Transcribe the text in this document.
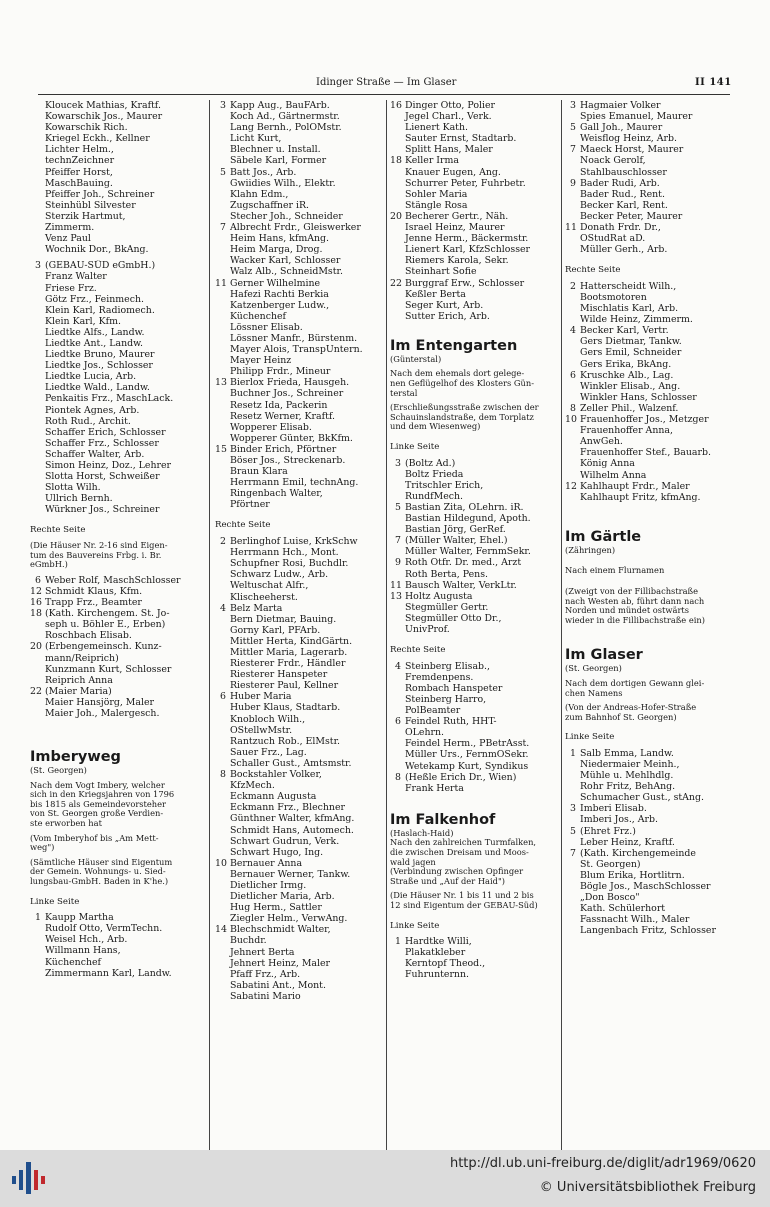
Idinger Straße — Im Glaser	II 141
Kloucek Mathias, Kraftf.
Kowarschik Jos., Maurer
Kowarschik Rich.
Kriegel Eckh., Kellner
Lichter Helm.,
technZeichner
Pfeiffer Horst,
MaschBauing.
Pfeiffer Joh., Schreiner
Steinhübl Silvester
Sterzik Hartmut,
Zimmerm.
Venz Paul
Wochnik Dor., BkAng.
3 (GEBAU-SÜD eGmbH.)
Franz Walter
Friese Frz.
Götz Frz., Feinmech.
Klein Karl, Radiomech.
Klein Karl, Kfm.
Liedtke Alfs., Landw.
Liedtke Ant., Landw.
Liedtke Bruno, Maurer
Liedtke Jos., Schlosser
Liedtke Lucia, Arb.
Liedtke Wald., Landw.
Penkaitis Frz., MaschLack.
Piontek Agnes, Arb.
Roth Rud., Archit.
Schaffer Erich, Schlosser
Schaffer Frz., Schlosser
Schaffer Walter, Arb.
Simon Heinz, Doz., Lehrer
Slotta Horst, Schweißer
Slotta Wilh.
Ullrich Bernh.
Würkner Jos., Schreiner
Rechte Seite
(Die Häuser Nr. 2-16 sind Eigen-
tum des Bauvereins Frbg. i. Br.
eGmbH.)
6 Weber Rolf, MaschSchlosser
12 Schmidt Klaus, Kfm.
16 Trapp Frz., Beamter
18 (Kath. Kirchengem. St. Jo-
seph u. Böhler E., Erben)
Roschbach Elisab.
20 (Erbengemeinsch. Kunz-
mann/Reiprich)
Kunzmann Kurt, Schlosser
Reiprich Anna
22 (Maier Maria)
Maier Hansjörg, Maler
Maier Joh., Malergesch.
Imberyweg
(St. Georgen)
Nach dem Vogt Imbery, welcher
sich in den Kriegsjahren von 1796
bis 1815 als Gemeindevorsteher
von St. Georgen große Verdien-
ste erworben hat
(Vom Imberyhof bis „Am Mett-
weg")
(Sämtliche Häuser sind Eigentum
der Gemein. Wohnungs- u. Sied-
lungsbau-GmbH. Baden in K'he.)
Linke Seite
1 Kaupp Martha
Rudolf Otto, VermTechn.
Weisel Hch., Arb.
Willmann Hans,
Küchenchef
Zimmermann Karl, Landw.
3 Kapp Aug., BauFArb.
Koch Ad., Gärtnermstr.
Lang Bernh., PolOMstr.
Licht Kurt,
Blechner u. Install.
Säbele Karl, Former
5 Batt Jos., Arb.
Gwiidies Wilh., Elektr.
Klahn Edm.,
Zugschaffner iR.
Stecher Joh., Schneider
7 Albrecht Frdr., Gleiswerker
Heim Hans, kfmAng.
Heim Marga, Drog.
Wacker Karl, Schlosser
Walz Alb., SchneidMstr.
11 Gerner Wilhelmine
Hafezi Rachti Berkia
Katzenberger Ludw.,
Küchenchef
Lössner Elisab.
Lössner Manfr., Bürstenm.
Mayer Alois, TranspUntern.
Mayer Heinz
Philipp Frdr., Mineur
13 Bierlox Frieda, Hausgeh.
Buchner Jos., Schreiner
Resetz Ida, Packerin
Resetz Werner, Kraftf.
Wopperer Elisab.
Wopperer Günter, BkKfm.
15 Binder Erich, Pförtner
Böser Jos., Streckenarb.
Braun Klara
Herrmann Emil, technAng.
Ringenbach Walter,
Pförtner
Rechte Seite
2 Berlinghof Luise, KrkSchw
Herrmann Hch., Mont.
Schupfner Rosi, Buchdlr.
Schwarz Ludw., Arb.
Weltuschat Alfr.,
Klischeeherst.
4 Belz Marta
Bern Dietmar, Bauing.
Gorny Karl, PFArb.
Mittler Herta, KindGärtn.
Mittler Maria, Lagerarb.
Riesterer Frdr., Händler
Riesterer Hanspeter
Riesterer Paul, Kellner
6 Huber Maria
Huber Klaus, Stadtarb.
Knobloch Wilh.,
OStellwMstr.
Rantzuch Rob., ElMstr.
Sauer Frz., Lag.
Schaller Gust., Amtsmstr.
8 Bockstahler Volker,
KfzMech.
Eckmann Augusta
Eckmann Frz., Blechner
Günthner Walter, kfmAng.
Schmidt Hans, Automech.
Schwart Gudrun, Verk.
Schwart Hugo, Ing.
10 Bernauer Anna
Bernauer Werner, Tankw.
Dietlicher Irmg.
Dietlicher Maria, Arb.
Hug Herm., Sattler
Ziegler Helm., VerwAng.
14 Blechschmidt Walter,
Buchdr.
Jehnert Berta
Jehnert Heinz, Maler
Pfaff Frz., Arb.
Sabatini Ant., Mont.
Sabatini Mario
16 Dinger Otto, Polier
Jegel Charl., Verk.
Lienert Kath.
Sauter Ernst, Stadtarb.
Splitt Hans, Maler
18 Keller Irma
Knauer Eugen, Ang.
Schurrer Peter, Fuhrbetr.
Sohler Maria
Stängle Rosa
20 Becherer Gertr., Näh.
Israel Heinz, Maurer
Jenne Herm., Bäckermstr.
Lienert Karl, KfzSchlosser
Riemers Karola, Sekr.
Steinhart Sofie
22 Burggraf Erw., Schlosser
Keßler Berta
Seger Kurt, Arb.
Sutter Erich, Arb.
Im Entengarten
(Günterstal)
Nach dem ehemals dort gelege-
nen Geflügelhof des Klosters Gün-
terstal
(Erschließungsstraße zwischen der
Schauinslandstraße, dem Torplatz
und dem Wiesenweg)
Linke Seite
3 (Boltz Ad.)
Boltz Frieda
Tritschler Erich,
RundfMech.
5 Bastian Zita, OLehrn. iR.
Bastian Hildegund, Apoth.
Bastian Jörg, GerRef.
7 (Müller Walter, Ehel.)
Müller Walter, FernmSekr.
9 Roth Otfr. Dr. med., Arzt
Roth Berta, Pens.
11 Bausch Walter, VerkLtr.
13 Holtz Augusta
Stegmüller Gertr.
Stegmüller Otto Dr.,
UnivProf.
Rechte Seite
4 Steinberg Elisab.,
Fremdenpens.
Rombach Hanspeter
Steinberg Harro,
PolBeamter
6 Feindel Ruth, HHT-
OLehrn.
Feindel Herm., PBetrAsst.
Müller Urs., FernmOSekr.
Wetekamp Kurt, Syndikus
8 (Heßle Erich Dr., Wien)
Frank Herta
Im Falkenhof
(Haslach-Haid)
Nach den zahlreichen Turmfalken,
die zwischen Dreisam und Moos-
wald jagen
(Verbindung zwischen Opfinger
Straße und „Auf der Haid")
(Die Häuser Nr. 1 bis 11 und 2 bis
12 sind Eigentum der GEBAU-Süd)
Linke Seite
1 Hardtke Willi,
Plakatkleber
Kerntopf Theod.,
Fuhrunternn.
3 Hagmaier Volker
Spies Emanuel, Maurer
5 Gall Joh., Maurer
Weisflog Heinz, Arb.
7 Maeck Horst, Maurer
Noack Gerolf,
Stahlbauschlosser
9 Bader Rudi, Arb.
Bader Rud., Rent.
Becker Karl, Rent.
Becker Peter, Maurer
11 Donath Frdr. Dr.,
OStudRat aD.
Müller Gerh., Arb.
Rechte Seite
2 Hatterscheidt Wilh.,
Bootsmotoren
Mischlatis Karl, Arb.
Wilde Heinz, Zimmerm.
4 Becker Karl, Vertr.
Gers Dietmar, Tankw.
Gers Emil, Schneider
Gers Erika, BkAng.
6 Kruschke Alb., Lag.
Winkler Elisab., Ang.
Winkler Hans, Schlosser
8 Zeller Phil., Walzenf.
10 Frauenhoffer Jos., Metzger
Frauenhoffer Anna,
AnwGeh.
Frauenhoffer Stef., Bauarb.
König Anna
Wilhelm Anna
12 Kahlhaupt Frdr., Maler
Kahlhaupt Fritz, kfmAng.
Im Gärtle
(Zähringen)
Nach einem Flurnamen
(Zweigt von der Fillibachstraße
nach Westen ab, führt dann nach
Norden und mündet ostwärts
wieder in die Fillibachstraße ein)
Im Glaser
(St. Georgen)
Nach dem dortigen Gewann glei-
chen Namens
(Von der Andreas-Hofer-Straße
zum Bahnhof St. Georgen)
Linke Seite
1 Salb Emma, Landw.
Niedermaier Meinh.,
Mühle u. Mehlhdlg.
Rohr Fritz, BehAng.
Schumacher Gust., stAng.
3 Imberi Elisab.
Imberi Jos., Arb.
5 (Ehret Frz.)
Leber Heinz, Kraftf.
7 (Kath. Kirchengemeinde
St. Georgen)
Blum Erika, Hortlitrn.
Bögle Jos., MaschSchlosser
„Don Bosco"
Kath. Schülerhort
Fassnacht Wilh., Maler
Langenbach Fritz, Schlosser
http://dl.ub.uni-freiburg.de/diglit/adr1969/0620
© Universitätsbibliothek Freiburg
